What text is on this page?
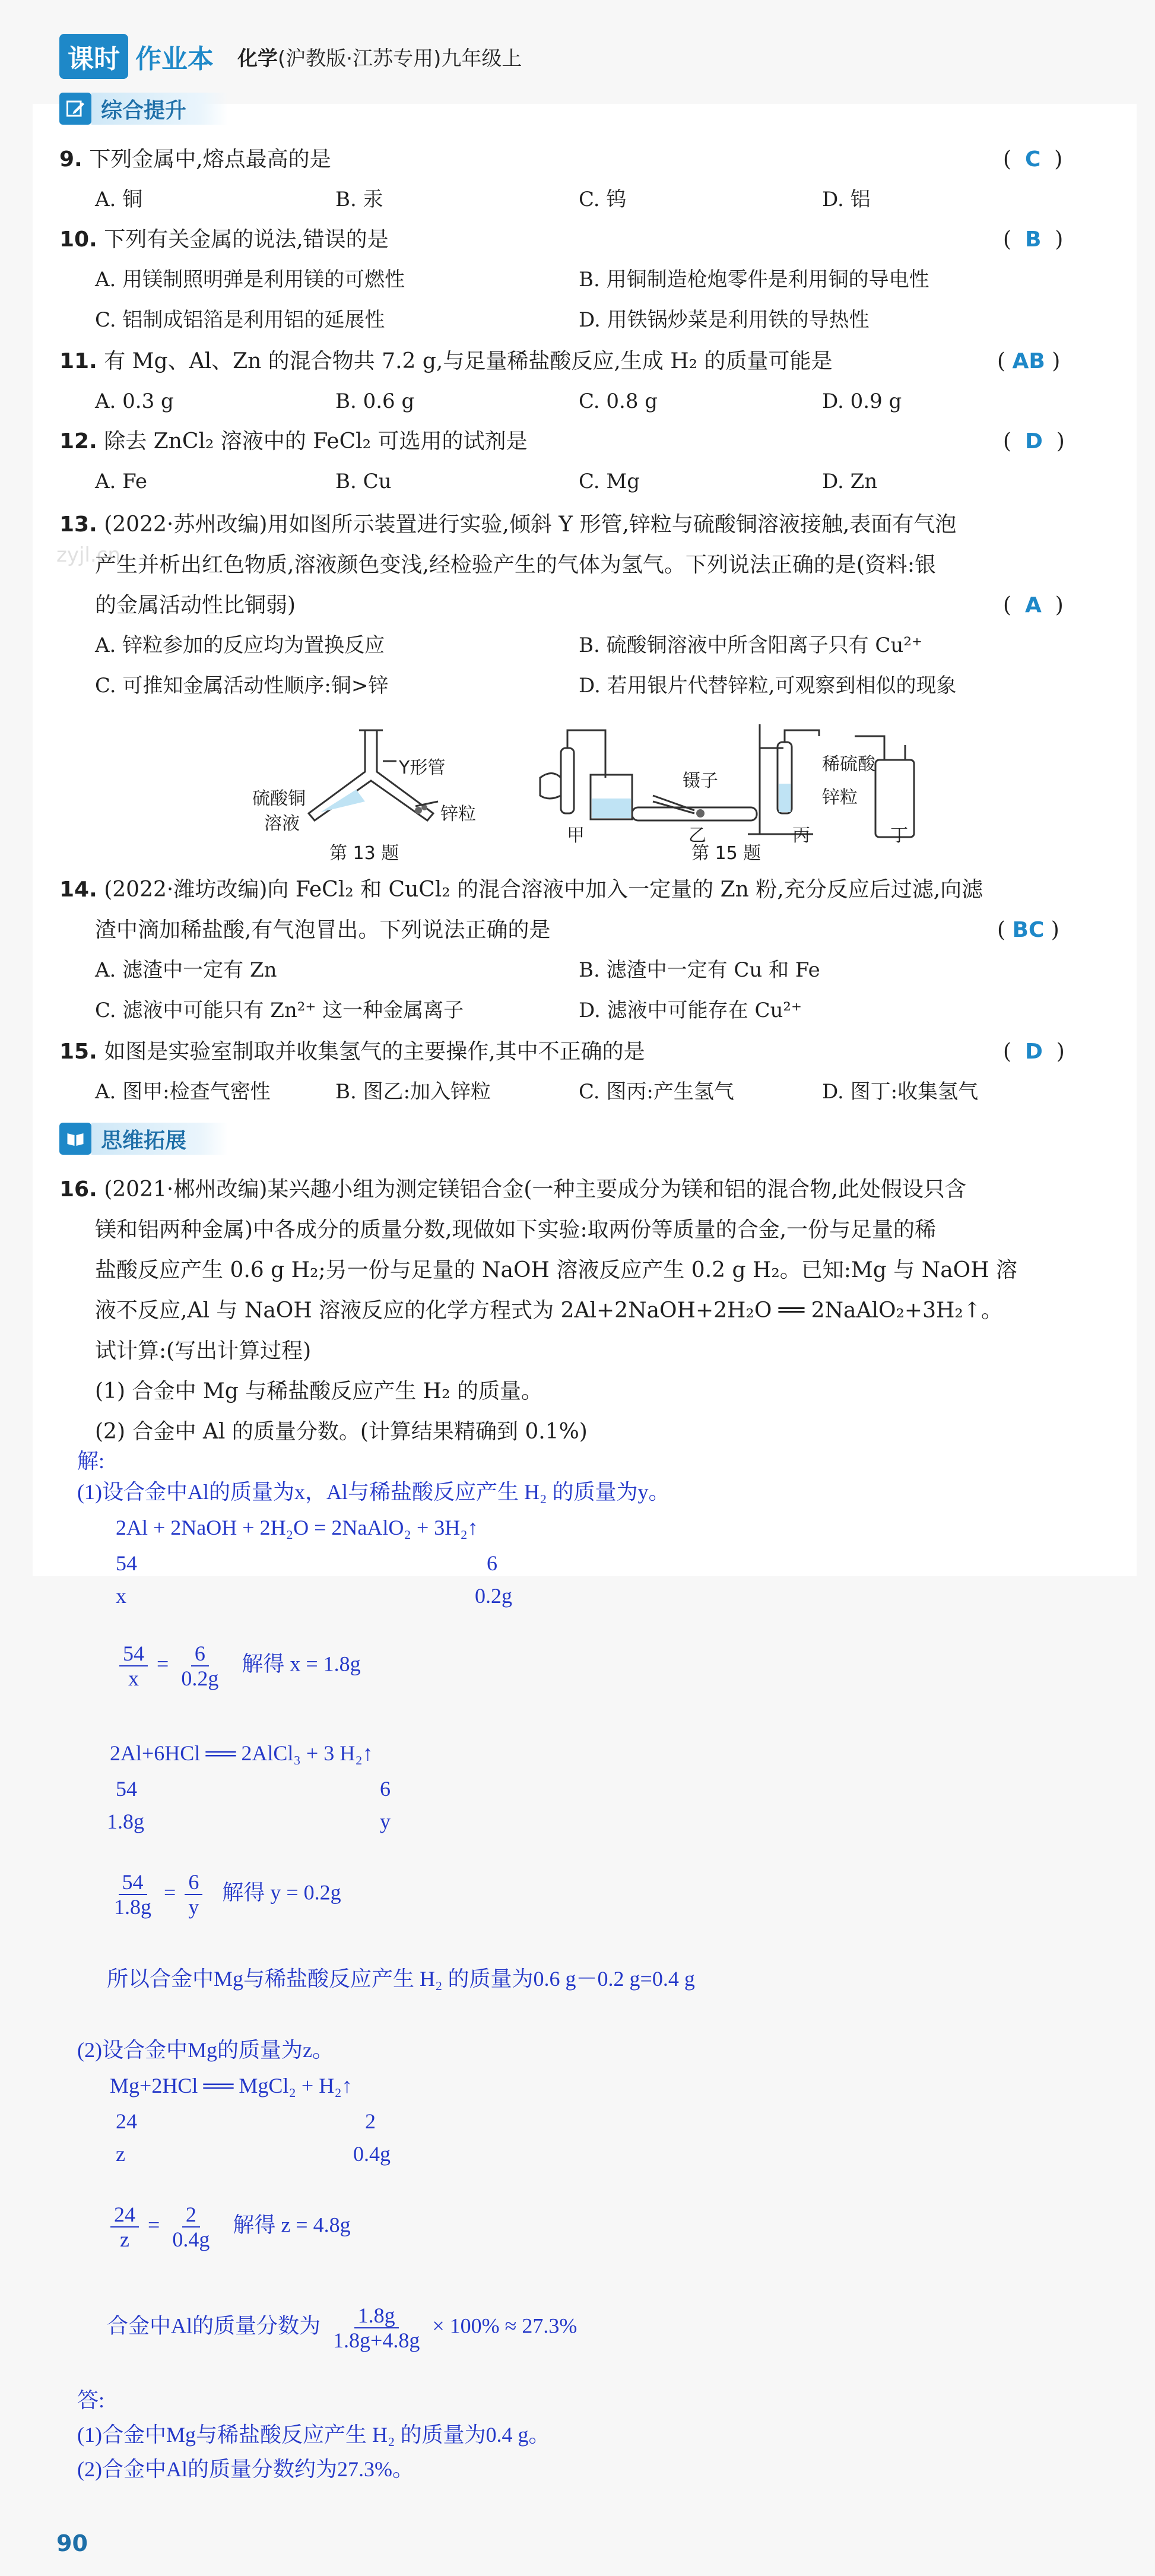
课时 作业本 化学(沪教版·江苏专用)九年级上
综合提升
9. 下列金属中,熔点最高的是	(  C  )
A. 铜	B. 汞	C. 钨	D. 铝
10. 下列有关金属的说法,错误的是	(  B  )
A. 用镁制照明弹是利用镁的可燃性	B. 用铜制造枪炮零件是利用铜的导电性
C. 铝制成铝箔是利用铝的延展性	D. 用铁锅炒菜是利用铁的导热性
11. 有 Mg、Al、Zn 的混合物共 7.2 g,与足量稀盐酸反应,生成 H₂ 的质量可能是	( AB )
A. 0.3 g	B. 0.6 g	C. 0.8 g	D. 0.9 g
12. 除去 ZnCl₂ 溶液中的 FeCl₂ 可选用的试剂是	(  D  )
A. Fe	B. Cu	C. Mg	D. Zn
13. (2022·苏州改编)用如图所示装置进行实验,倾斜 Y 形管,锌粒与硫酸铜溶液接触,表面有气泡
zyjl.cn
产生并析出红色物质,溶液颜色变浅,经检验产生的气体为氢气。下列说法正确的是(资料:银
的金属活动性比铜弱)	(  A  )
A. 锌粒参加的反应均为置换反应	B. 硫酸铜溶液中所含阳离子只有 Cu²⁺
C. 可推知金属活动性顺序:铜>锌	D. 若用银片代替锌粒,可观察到相似的现象
Y形管
硫酸铜
溶液	锌粒
第 13 题
镊子
稀硫酸
锌粒
甲	乙	丙	丁
第 15 题
14. (2022·潍坊改编)向 FeCl₂ 和 CuCl₂ 的混合溶液中加入一定量的 Zn 粉,充分反应后过滤,向滤
渣中滴加稀盐酸,有气泡冒出。下列说法正确的是	( BC )
A. 滤渣中一定有 Zn	B. 滤渣中一定有 Cu 和 Fe
C. 滤液中可能只有 Zn²⁺ 这一种金属离子	D. 滤液中可能存在 Cu²⁺
15. 如图是实验室制取并收集氢气的主要操作,其中不正确的是	(  D  )
A. 图甲:检查气密性	B. 图乙:加入锌粒	C. 图丙:产生氢气	D. 图丁:收集氢气
思维拓展
16. (2021·郴州改编)某兴趣小组为测定镁铝合金(一种主要成分为镁和铝的混合物,此处假设只含
镁和铝两种金属)中各成分的质量分数,现做如下实验:取两份等质量的合金,一份与足量的稀
盐酸反应产生 0.6 g H₂;另一份与足量的 NaOH 溶液反应产生 0.2 g H₂。已知:Mg 与 NaOH 溶
液不反应,Al 与 NaOH 溶液反应的化学方程式为 2Al+2NaOH+2H₂O ══ 2NaAlO₂+3H₂↑。
试计算:(写出计算过程)
(1) 合金中 Mg 与稀盐酸反应产生 H₂ 的质量。
(2) 合金中 Al 的质量分数。(计算结果精确到 0.1%)
解:
(1)设合金中Al的质量为x，Al与稀盐酸反应产生 H₂ 的质量为y。
2Al + 2NaOH + 2H₂O = 2NaAlO₂ + 3H₂↑
54	6
x	0.2g
$\frac{54}{x} = \frac{6}{0.2g}$ 解得 x = 1.8g
2Al+6HCl ══ 2AlCl₃ + 3 H₂↑
54	6
1.8g	y
$\frac{54}{1.8g} = \frac{6}{y}$ 解得 y = 0.2g
所以合金中Mg与稀盐酸反应产生 H₂ 的质量为0.6 g－0.2 g=0.4 g
(2)设合金中Mg的质量为z。
Mg+2HCl ══ MgCl₂ + H₂↑
24	2
z	0.4g
$\frac{24}{z} = \frac{2}{0.4g}$ 解得 z = 4.8g
合金中Al的质量分数为 $\frac{1.8g}{1.8g+4.8g} \times 100\% \approx 27.3\%$
答:
(1)合金中Mg与稀盐酸反应产生 H₂ 的质量为0.4 g。
(2)合金中Al的质量分数约为27.3%。
90
